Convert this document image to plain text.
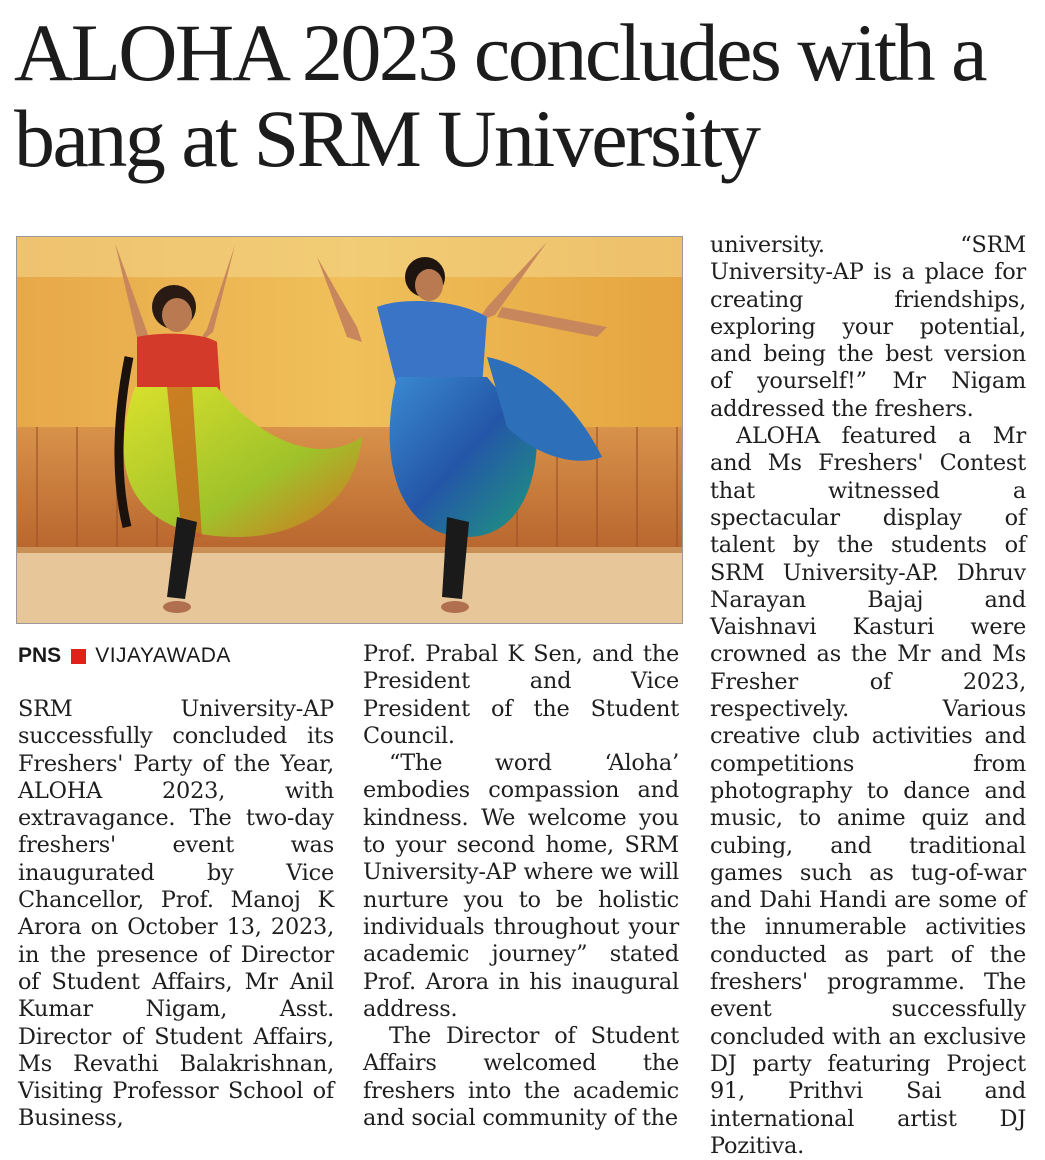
ALOHA 2023 concludes with a bang at SRM University
PNS VIJAYAWADA

SRM University-AP successfully concluded its Freshers' Party of the Year, ALOHA 2023, with extravagance. The two-day freshers' event was inaugurated by Vice Chancellor, Prof. Manoj K Arora on October 13, 2023, in the presence of Director of Student Affairs, Mr Anil Kumar Nigam, Asst. Director of Student Affairs, Ms Revathi Balakrishnan, Visiting Professor School of Business,

Prof. Prabal K Sen, and the President and Vice President of the Student Council.

“The word ‘Aloha’ embodies compassion and kindness. We welcome you to your second home, SRM University-AP where we will nurture you to be holistic individuals throughout your academic journey” stated Prof. Arora in his inaugural address.

The Director of Student Affairs welcomed the freshers into the academic and social community of the

university. “SRM University-AP is a place for creating friendships, exploring your potential, and being the best version of yourself!” Mr Nigam addressed the freshers.

ALOHA featured a Mr and Ms Freshers' Contest that witnessed a spectacular display of talent by the students of SRM University-AP. Dhruv Narayan Bajaj and Vaishnavi Kasturi were crowned as the Mr and Ms Fresher of 2023, respectively. Various creative club activities and competitions from photography to dance and music, to anime quiz and cubing, and traditional games such as tug-of-war and Dahi Handi are some of the innumerable activities conducted as part of the freshers' programme. The event successfully concluded with an exclusive DJ party featuring Project 91, Prithvi Sai and international artist DJ Pozitiva.
